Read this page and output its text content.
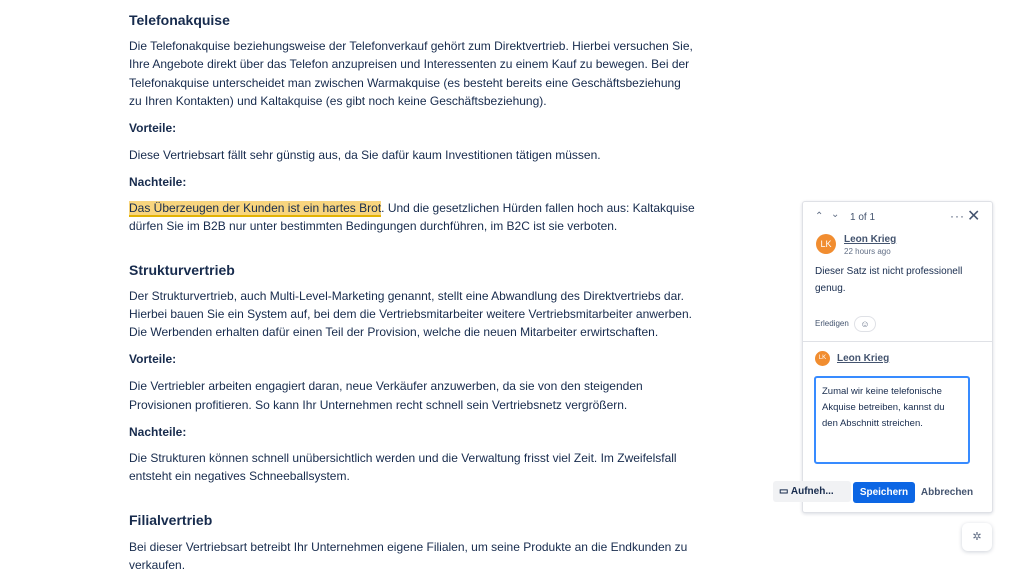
Telefonakquise
Die Telefonakquise beziehungsweise der Telefonverkauf gehört zum Direktvertrieb. Hierbei versuchen Sie,
Ihre Angebote direkt über das Telefon anzupreisen und Interessenten zu einem Kauf zu bewegen. Bei der
Telefonakquise unterscheidet man zwischen Warmakquise (es besteht bereits eine Geschäftsbeziehung
zu Ihren Kontakten) und Kaltakquise (es gibt noch keine Geschäftsbeziehung).
Vorteile:
Diese Vertriebsart fällt sehr günstig aus, da Sie dafür kaum Investitionen tätigen müssen.
Nachteile:
Das Überzeugen der Kunden ist ein hartes Brot. Und die gesetzlichen Hürden fallen hoch aus: Kaltakquise
dürfen Sie im B2B nur unter bestimmten Bedingungen durchführen, im B2C ist sie verboten.
Strukturvertrieb
Der Strukturvertrieb, auch Multi-Level-Marketing genannt, stellt eine Abwandlung des Direktvertriebs dar.
Hierbei bauen Sie ein System auf, bei dem die Vertriebsmitarbeiter weitere Vertriebsmitarbeiter anwerben.
Die Werbenden erhalten dafür einen Teil der Provision, welche die neuen Mitarbeiter erwirtschaften.
Vorteile:
Die Vertriebler arbeiten engagiert daran, neue Verkäufer anzuwerben, da sie von den steigenden
Provisionen profitieren. So kann Ihr Unternehmen recht schnell sein Vertriebsnetz vergrößern.
Nachteile:
Die Strukturen können schnell unübersichtlich werden und die Verwaltung frisst viel Zeit. Im Zweifelsfall
entsteht ein negatives Schneeballsystem.
Filialvertrieb
Bei dieser Vertriebsart betreibt Ihr Unternehmen eigene Filialen, um seine Produkte an die Endkunden zu
verkaufen.
⌃ ⌄ 1 of 1	··· ✕
LK	Leon Krieg
22 hours ago
Dieser Satz ist nicht professionell
genug.
Erledigen	☺
LK	Leon Krieg
Zumal wir keine telefonische Akquise betreiben, kannst du den Abschnitt streichen.
Speichern	Abbrechen
▭ Aufneh...
✲
